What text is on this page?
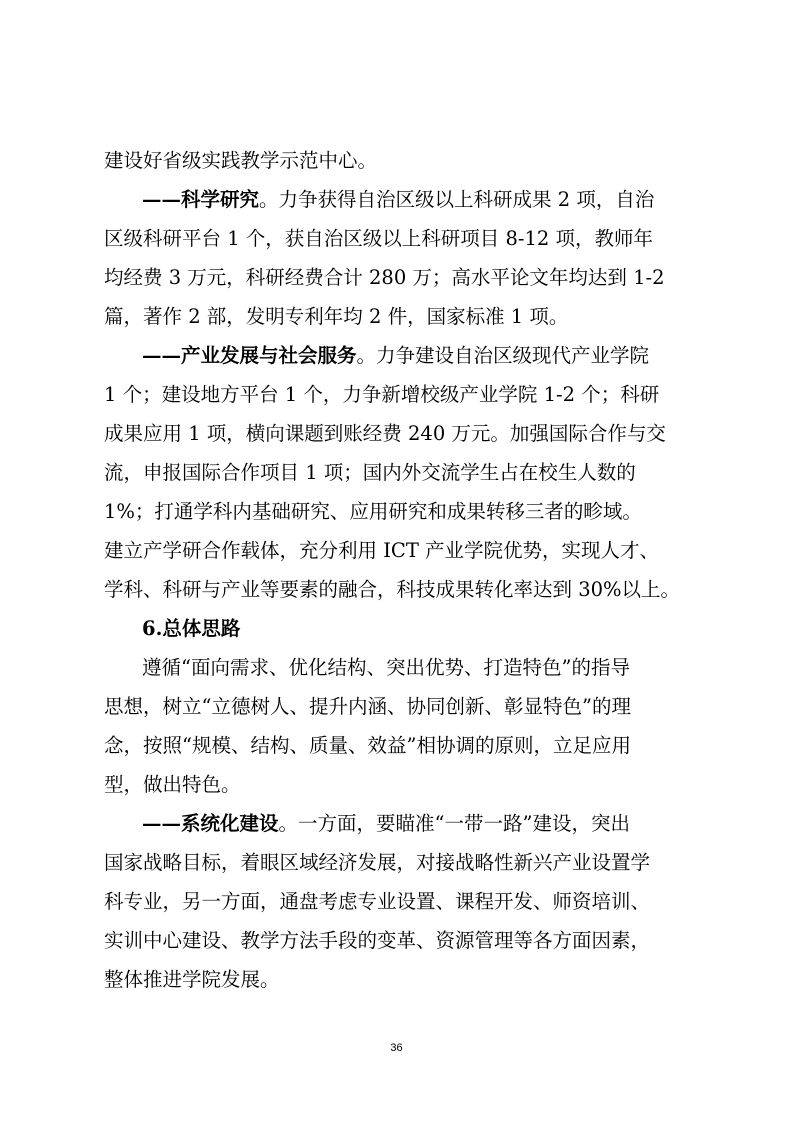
建设好省级实践教学示范中心。
——科学研究 。力争获得自治区级以上科研成果 2 项，自治
区级科研平台 1 个，获自治区级以上科研项目 8-12 项，教师年
均经费 3 万元，科研经费合计 280 万；高水平论文年均达到 1-2
篇，著作 2 部，发明专利年均 2 件，国家标准 1 项。
——产业发展与社会服务。力争建设自治区级现代产业学院
1 个；建设地方平台 1 个，力争新增校级产业学院 1-2 个；科研
成果应用 1 项，横向课题到账经费 240 万元。加强国际合作与交
流，申报国际合作项目 1 项；国内外交流学生占在校生人数的
1%；打通学科内基础研究、应用研究和成果转移三者的畛域。
建立产学研合作载体，充分利用 ICT 产业学院优势，实现人才、
学科、科研与产业等要素的融合，科技成果转化率达到 30%以上。
6.总体思路
遵循“面向需求、优化结构、突出优势、打造特色”的指导
思想，树立“立德树人、提升内涵、协同创新、彰显特色”的理
念，按照“规模、结构、质量、效益”相协调的原则，立足应用
型，做出特色。
——系统化建设。一方面，要瞄准“一带一路”建设，突出
国家战略目标，着眼区域经济发展，对接战略性新兴产业设置学
科专业，另一方面，通盘考虑专业设置、课程开发、师资培训、
实训中心建设、教学方法手段的变革、资源管理等各方面因素，
整体推进学院发展。
36
